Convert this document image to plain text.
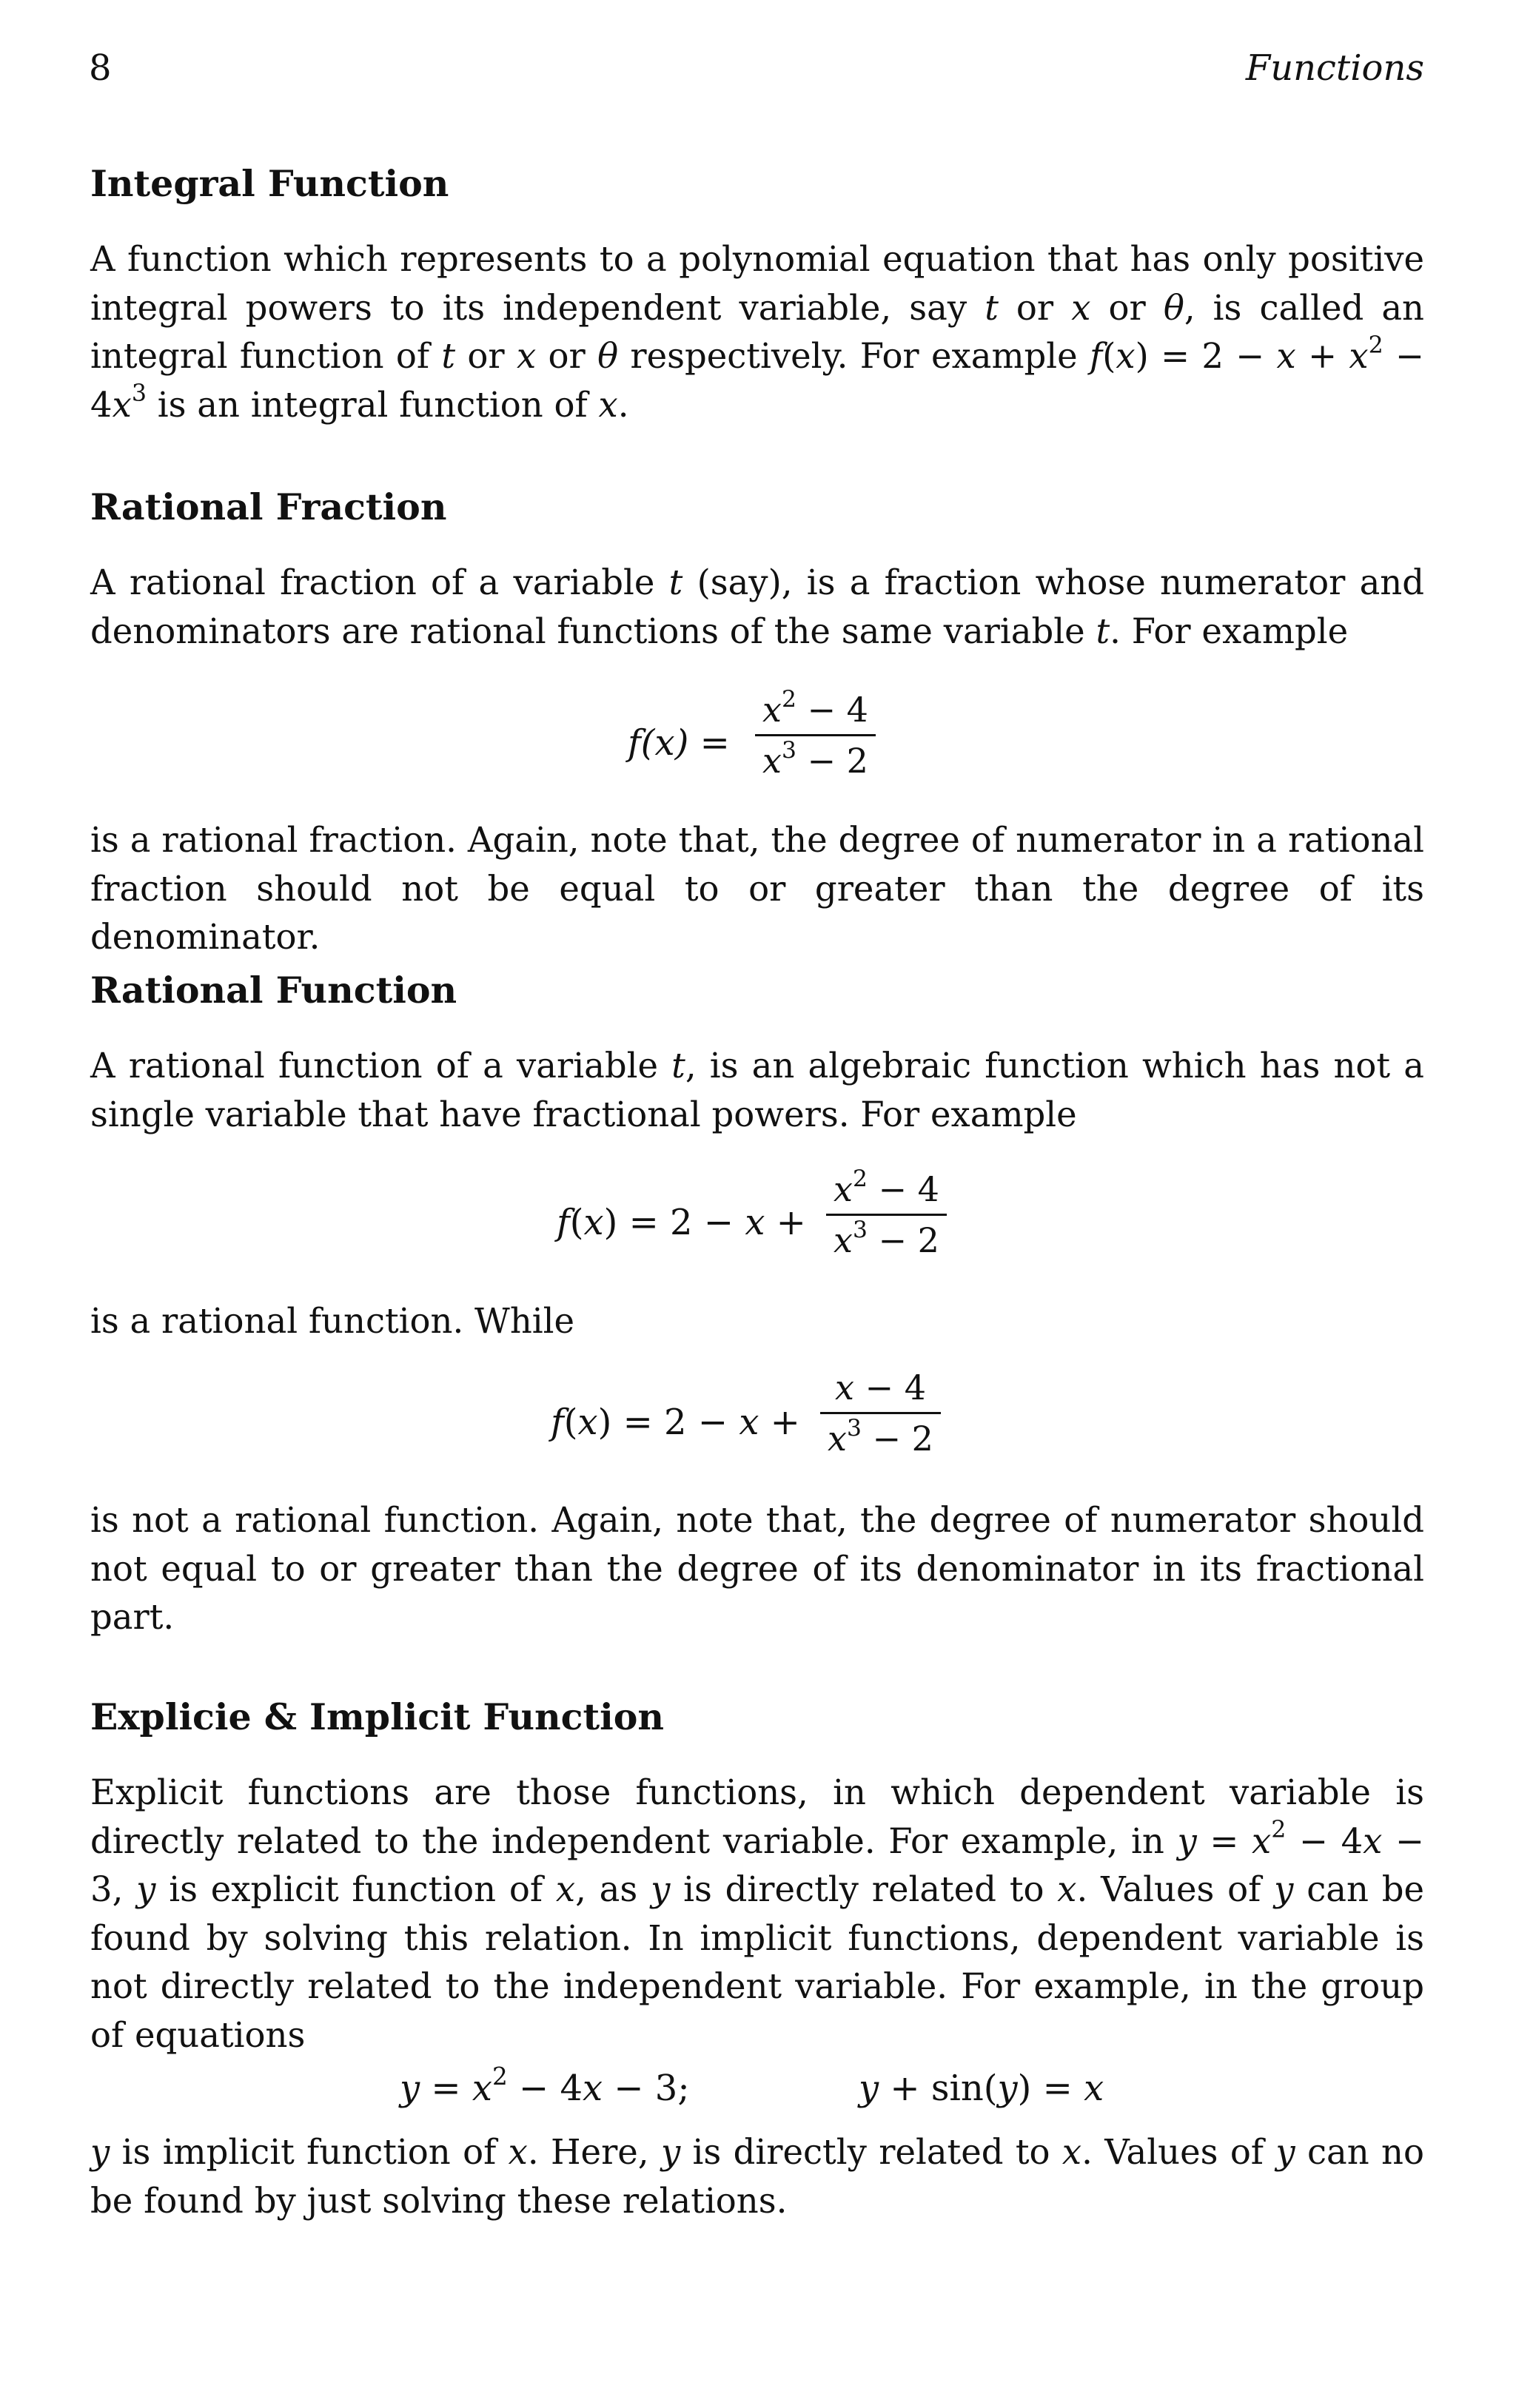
8	Functions
Integral Function
A function which represents to a polynomial equation that has only positive integral powers to its independent variable, say t or x or θ, is called an integral function of t or x or θ respectively. For example $f(x) = 2 - x + x^2 - 4x^3$ is an integral function of x.
Rational Fraction
A rational fraction of a variable t (say), is a fraction whose numerator and denominators are rational functions of the same variable t. For example
f(x) =
$x^2 - 4$
$x^3 - 2$
is a rational fraction. Again, note that, the degree of numerator in a rational fraction should not be equal to or greater than the degree of its denominator.
Rational Function
A rational function of a variable t, is an algebraic function which has not a single variable that have fractional powers. For example
f(x) = 2 − x +
$x^2 - 4$
$x^3 - 2$
is a rational function. While
f(x) = 2 − x +
x − 4
$x^3 - 2$
is not a rational function. Again, note that, the degree of numerator should not equal to or greater than the degree of its denominator in its fractional part.
Explicie & Implicit Function
Explicit functions are those functions, in which dependent variable is directly related to the independent variable. For example, in $y = x^2 - 4x - 3$, y is explicit function of x, as y is directly related to x. Values of y can be found by solving this relation. In implicit functions, dependent variable is not directly related to the independent variable. For example, in the group of equations
$y = x^2 - 4x - 3$;	y + sin(y) = x
y is implicit function of x. Here, y is directly related to x. Values of y can no be found by just solving these relations.
